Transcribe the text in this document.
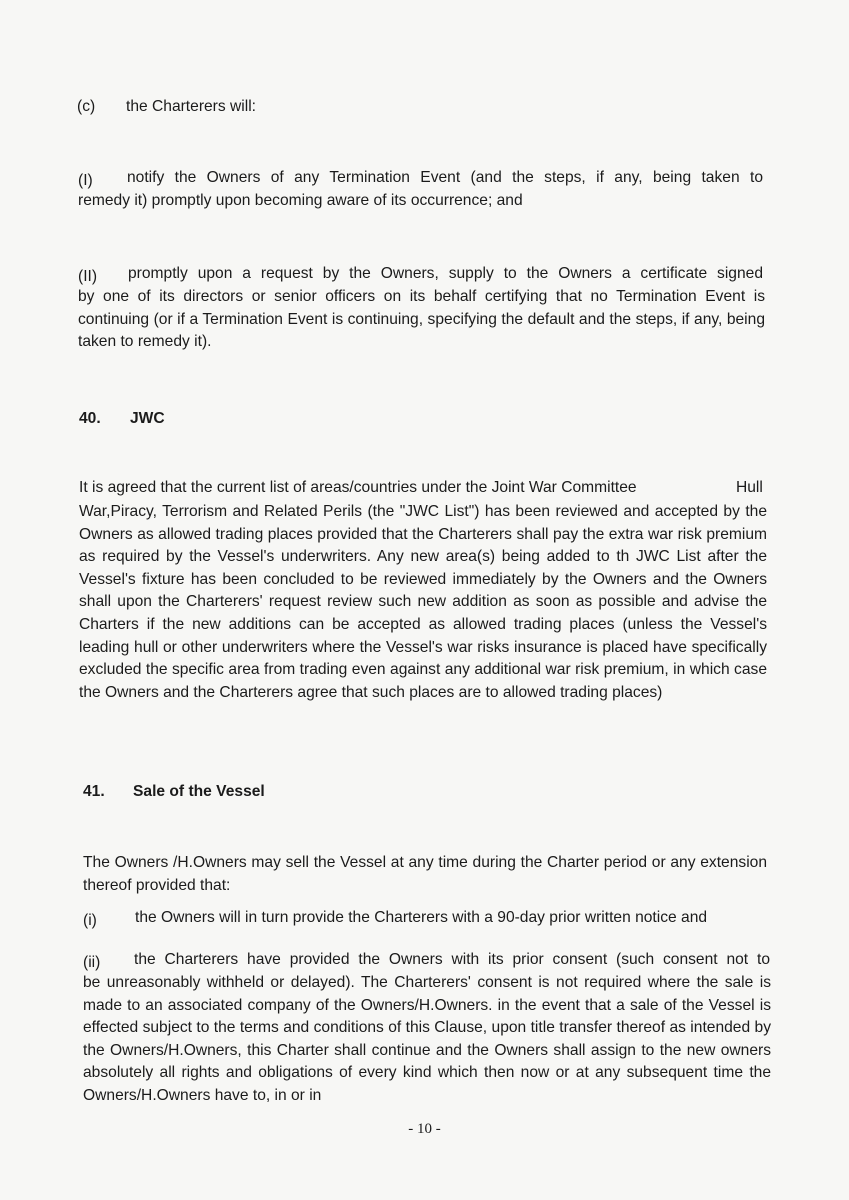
(c) the Charterers will:
(I) notify the Owners of any Termination Event (and the steps, if any, being taken to
remedy it) promptly upon becoming aware of its occurrence; and
(II) promptly upon a request by the Owners, supply to the Owners a certificate signed
by one of its directors or senior officers on its behalf certifying that no Termination Event is continuing (or if a Termination Event is continuing, specifying the default and the steps, if any, being taken to remedy it).
40. JWC
It is agreed that the current list of areas/countries under the Joint War Committee	Hull
War,Piracy, Terrorism and Related Perils (the "JWC List") has been reviewed and accepted by the Owners as allowed trading places provided that the Charterers shall pay the extra war risk premium as required by the Vessel's underwriters. Any new area(s) being added to th JWC List after the Vessel's fixture has been concluded to be reviewed immediately by the Owners and the Owners shall upon the Charterers' request review such new addition as soon as possible and advise the Charters if the new additions can be accepted as allowed trading places (unless the Vessel's leading hull or other underwriters where the Vessel's war risks insurance is placed have specifically excluded the specific area from trading even against any additional war risk premium, in which case the Owners and the Charterers agree that such places are to allowed trading places)
41. Sale of the Vessel
The Owners /H.Owners may sell the Vessel at any time during the Charter period or any extension thereof provided that:
(i) the Owners will in turn provide the Charterers with a 90-day prior written notice and
(ii) the Charterers have provided the Owners with its prior consent (such consent not to
be unreasonably withheld or delayed). The Charterers' consent is not required where the sale is made to an associated company of the Owners/H.Owners. in the event that a sale of the Vessel is effected subject to the terms and conditions of this Clause, upon title transfer thereof as intended by the Owners/H.Owners, this Charter shall continue and the Owners shall assign to the new owners absolutely all rights and obligations of every kind which then now or at any subsequent time the Owners/H.Owners have to, in or in
- 10 -
